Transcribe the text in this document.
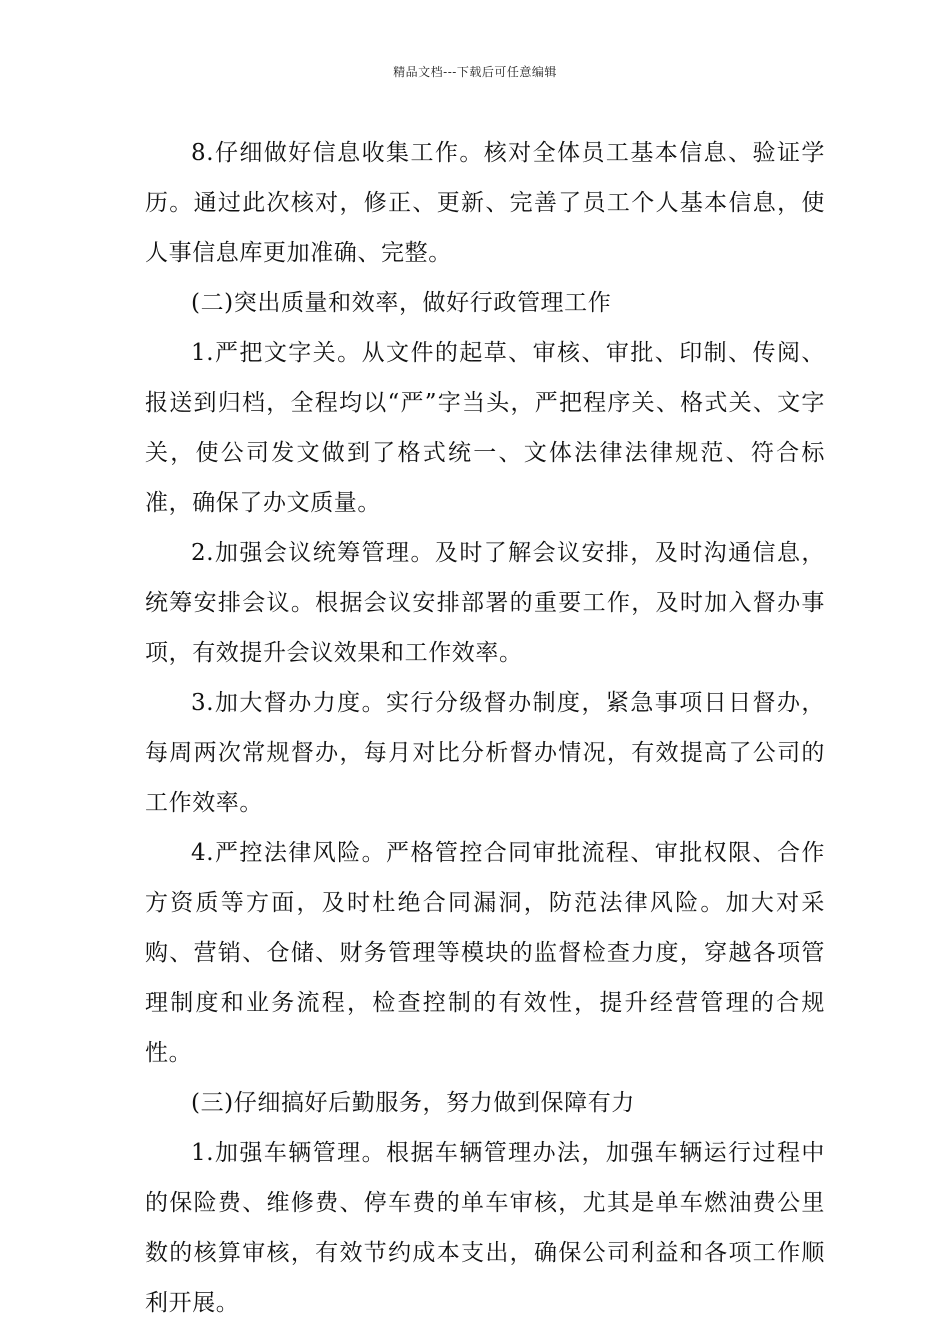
精品文档---下载后可任意编辑

8.仔细做好信息收集工作。核对全体员工基本信息、验证学历。通过此次核对，修正、更新、完善了员工个人基本信息，使人事信息库更加准确、完整。

(二)突出质量和效率，做好行政管理工作

1.严把文字关。从文件的起草、审核、审批、印制、传阅、报送到归档，全程均以“严”字当头，严把程序关、格式关、文字关，使公司发文做到了格式统一、文体法律法律规范、符合标准，确保了办文质量。

2.加强会议统筹管理。及时了解会议安排，及时沟通信息，统筹安排会议。根据会议安排部署的重要工作，及时加入督办事项，有效提升会议效果和工作效率。

3.加大督办力度。实行分级督办制度，紧急事项日日督办，每周两次常规督办，每月对比分析督办情况，有效提高了公司的工作效率。

4.严控法律风险。严格管控合同审批流程、审批权限、合作方资质等方面，及时杜绝合同漏洞，防范法律风险。加大对采购、营销、仓储、财务管理等模块的监督检查力度，穿越各项管理制度和业务流程，检查控制的有效性，提升经营管理的合规性。

(三)仔细搞好后勤服务，努力做到保障有力

1.加强车辆管理。根据车辆管理办法，加强车辆运行过程中的保险费、维修费、停车费的单车审核，尤其是单车燃油费公里数的核算审核，有效节约成本支出，确保公司利益和各项工作顺利开展。
